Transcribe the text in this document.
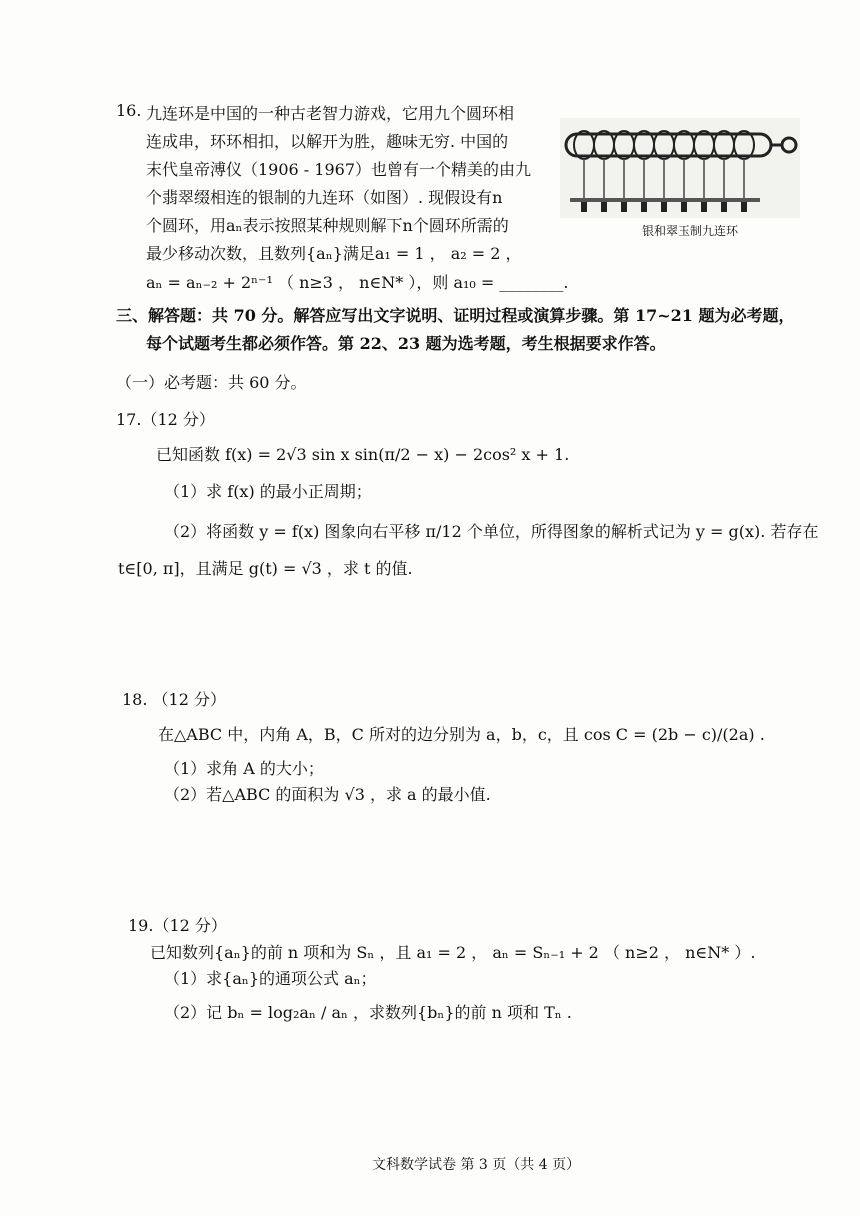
16. 九连环是中国的一种古老智力游戏，它用九个圆环相
连成串，环环相扣，以解开为胜，趣味无穷. 中国的
末代皇帝溥仪（1906 - 1967）也曾有一个精美的由九
个翡翠缀相连的银制的九连环（如图）. 现假设有n
个圆环，用aₙ表示按照某种规则解下n个圆环所需的
最少移动次数，且数列{aₙ}满足a₁ = 1 ， a₂ = 2 ，
aₙ = aₙ₋₂ + 2ⁿ⁻¹ （ n≥3 ， n∈N* ），则 a₁₀ = ________.
银和翠玉制九连环
三、解答题：共 70 分。解答应写出文字说明、证明过程或演算步骤。第 17~21 题为必考题，
每个试题考生都必须作答。第 22、23 题为选考题，考生根据要求作答。
（一）必考题：共 60 分。
17.（12 分）
已知函数 f(x) = 2√3 sin x sin(π/2 − x) − 2cos² x + 1.
（1）求 f(x) 的最小正周期；
（2）将函数 y = f(x) 图象向右平移 π/12 个单位，所得图象的解析式记为 y = g(x). 若存在
t∈[0, π]，且满足 g(t) = √3 ，求 t 的值.
18. （12 分）
在△ABC 中，内角 A，B，C 所对的边分别为 a，b，c，且 cos C = (2b − c)/(2a) .
（1）求角 A 的大小；
（2）若△ABC 的面积为 √3 ，求 a 的最小值.
19.（12 分）
已知数列{aₙ}的前 n 项和为 Sₙ ，且 a₁ = 2 ， aₙ = Sₙ₋₁ + 2 （ n≥2 ， n∈N* ）.
（1）求{aₙ}的通项公式 aₙ；
（2）记 bₙ = log₂aₙ / aₙ ，求数列{bₙ}的前 n 项和 Tₙ .
文科数学试卷 第 3 页（共 4 页）
